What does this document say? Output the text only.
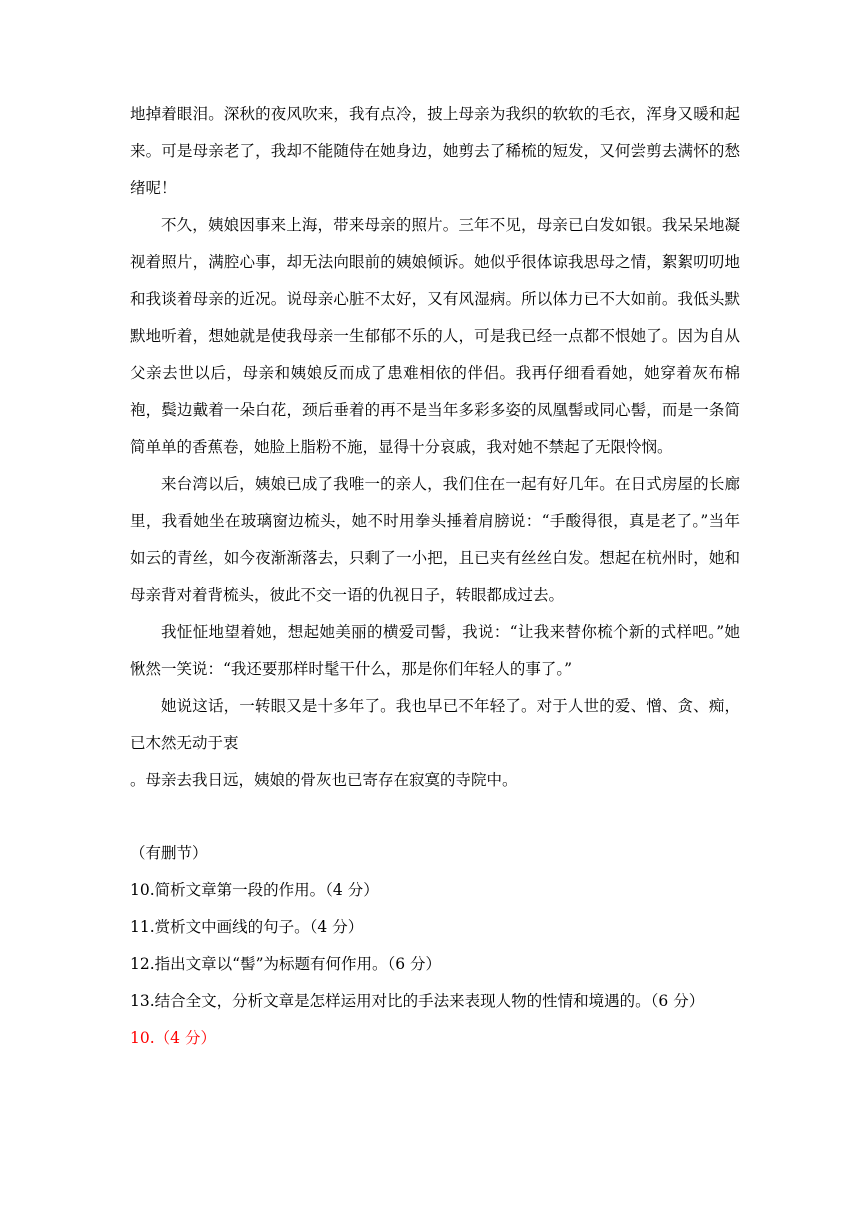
地掉着眼泪。深秋的夜风吹来，我有点冷，披上母亲为我织的软软的毛衣，浑身又暖和起来。可是母亲老了，我却不能随侍在她身边，她剪去了稀梳的短发，又何尝剪去满怀的愁绪呢！

不久，姨娘因事来上海，带来母亲的照片。三年不见，母亲已白发如银。我呆呆地凝视着照片，满腔心事，却无法向眼前的姨娘倾诉。她似乎很体谅我思母之情，絮絮叨叨地和我谈着母亲的近况。说母亲心脏不太好，又有风湿病。所以体力已不大如前。我低头默默地听着，想她就是使我母亲一生郁郁不乐的人，可是我已经一点都不恨她了。因为自从父亲去世以后，母亲和姨娘反而成了患难相依的伴侣。我再仔细看看她，她穿着灰布棉袍，鬓边戴着一朵白花，颈后垂着的再不是当年多彩多姿的凤凰髻或同心髻，而是一条简简单单的香蕉卷，她脸上脂粉不施，显得十分哀戚，我对她不禁起了无限怜悯。

来台湾以后，姨娘已成了我唯一的亲人，我们住在一起有好几年。在日式房屋的长廊里，我看她坐在玻璃窗边梳头，她不时用拳头捶着肩膀说：“手酸得很，真是老了。”当年如云的青丝，如今夜渐渐落去，只剩了一小把，且已夹有丝丝白发。想起在杭州时，她和母亲背对着背梳头，彼此不交一语的仇视日子，转眼都成过去。

我怔怔地望着她，想起她美丽的横爱司髻，我说：“让我来替你梳个新的式样吧。”她愀然一笑说：“我还要那样时髦干什么，那是你们年轻人的事了。”

她说这话，一转眼又是十多年了。我也早已不年轻了。对于人世的爱、憎、贪、痴，已木然无动于衷

。母亲去我日远，姨娘的骨灰也已寄存在寂寞的寺院中。

（有删节）

10.简析文章第一段的作用。（4 分）

11.赏析文中画线的句子。（4 分）

12.指出文章以“髻”为标题有何作用。（6 分）

13.结合全文，分析文章是怎样运用对比的手法来表现人物的性情和境遇的。（6 分）

10.（4 分）
